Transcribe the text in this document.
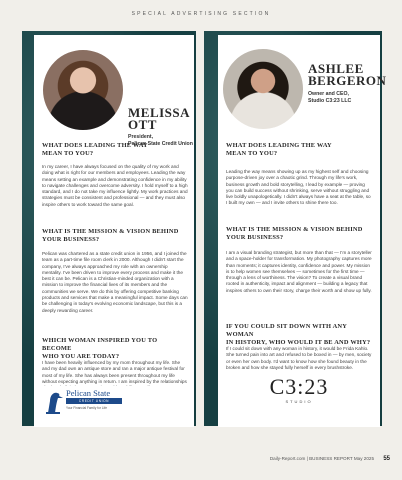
SPECIAL ADVERTISING SECTION
MELISSA
OTT
President,
Pelican State Credit Union
WHAT DOES LEADING THE WAY
MEAN TO YOU?
In my career, I have always focused on the quality of my work and doing what is right for our members and employees. Leading the way means setting an example and demonstrating confidence in my ability to navigate challenges and overcome adversity. I hold myself to a high standard, and I do not take my influence lightly. My work practices and strategies must be consistent and professional — and they must also inspire others to work toward the same goal.
WHAT IS THE MISSION & VISION BEHIND
YOUR BUSINESS?
Pelican was chartered as a state credit union in 1956, and I joined the team as a part-time file room clerk in 2000. Although I didn't start the company, I've always approached my role with an ownership mentality. I've been driven to improve every process and make it the best it can be. Pelican is a Christian-minded organization with a mission to improve the financial lives of its members and the communities we serve. We do this by offering competitive banking products and services that make a meaningful impact. Some days can be challenging in today's evolving economic landscape, but this is a deeply rewarding career.
WHICH WOMAN INSPIRED YOU TO BECOME
WHO YOU ARE TODAY?
I have been heavily influenced by my mom throughout my life. She and my dad own an antique store and ran a major antique festival for most of my life. She has always been present throughout my life without expecting anything in return. I am inspired by the relationships
Pelican State
CREDIT UNION
Your Financial Family for Life
ASHLEE
BERGERON
Owner and CEO,
Studio C3:23 LLC
WHAT DOES LEADING THE WAY
MEAN TO YOU?
Leading the way means showing up as my highest self and choosing purpose-driven joy over a chaotic grind. Through my life's work, business growth and bold storytelling, I lead by example — proving you can build success without shrinking, serve without struggling and live boldly unapologetically. I didn't always have a seat at the table, so I built my own — and I invite others to shine there too.
WHAT IS THE MISSION & VISION BEHIND
YOUR BUSINESS?
I am a visual branding strategist, but more than that — I'm a storyteller and a space-holder for transformation. My photography captures more than moments; it captures identity, confidence and power. My mission is to help women see themselves — sometimes for the first time — through a lens of worthiness. The vision? To create a visual brand rooted in authenticity, impact and alignment — building a legacy that inspires others to own their story, charge their worth and show up fully.
IF YOU COULD SIT DOWN WITH ANY WOMAN
IN HISTORY, WHO WOULD IT BE AND WHY?
If I could sit down with any woman in history, it would be Frida Kahlo. She turned pain into art and refused to be boxed in — by men, society or even her own body. I'd want to know how she found beauty in the broken and how she stayed fully herself in every brushstroke.
C3:23
STUDIO
Daily-Report.com | BUSINESS REPORT May 2025 55
